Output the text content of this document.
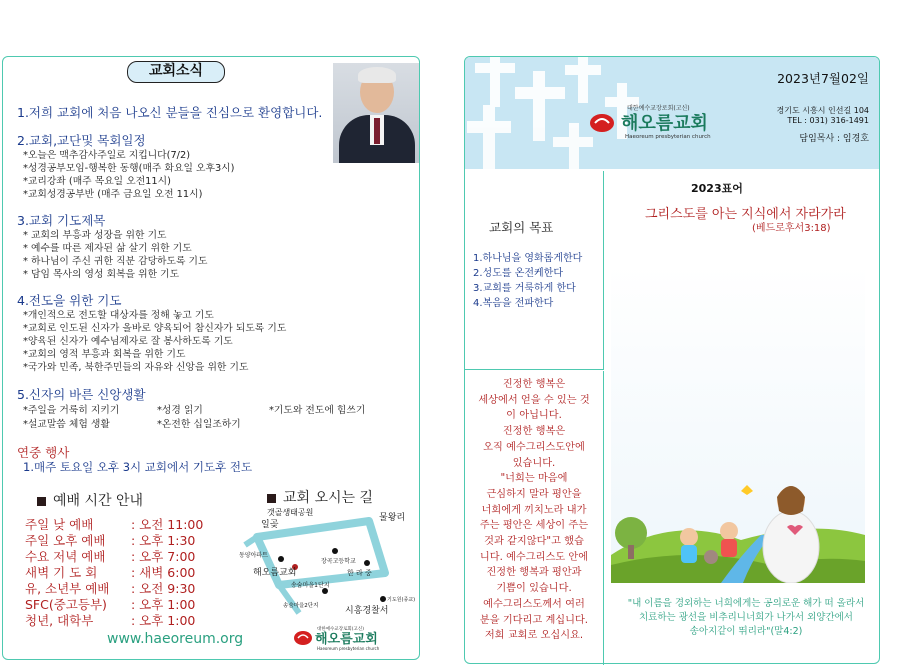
교회소식
1.저희 교회에 처음 나오신 분들을 진심으로 환영합니다.
2.교회,교단및 목회일정
*오늘은 맥추감사주일로 지킵니다(7/2)
*성경공부모임-행복한 동행(매주 화요일 오후3시)
*교리강좌 (매주 목요일 오전11시)
*교회성경공부반 (매주 금요일 오전 11시)
3.교회 기도제목
* 교회의 부흥과 성장을 위한 기도
* 예수를 따른 제자된 삶 살기 위한 기도
* 하나님이 주신 귀한 직분 감당하도록 기도
* 담임 목사의 영성 회복을 위한 기도
4.전도을 위한 기도
*개인적으로 전도할 대상자를 정해 놓고 기도
*교회로 인도된 신자가 올바로 양육되어 참신자가 되도록 기도
*양육된 신자가 예수님제자로 잘 봉사하도록 기도
*교회의 영적 부흥과 회복을 위한 기도
*국가와 민족, 북한주민들의 자유와 신앙을 위한 기도
5.신자의 바른 신앙생활
*주일을 거룩히 지키기	*성경 읽기	*기도와 전도에 힘쓰기
*설교말씀 체험 생활	*온전한 십일조하기
연중 행사
1.매주 토요일 오후 3시 교회에서 기도후 전도
예배 시간 안내
주일 낮 예배	: 오전 11:00
주일 오후 예배 : 오후 1:30
수요 저녁 예배 : 오후 7:00
새벽 기 도 회	: 새벽 6:00
유, 소년부 예배 : 오전 9:30
SFC(중고등부) : 오후 1:00
청년, 대학부	: 오후 1:00
www.haeoreum.org
교회 오시는 길
갯골생태공원
일곶
물왕리
동양아파트
해오름교회
장곡고등학교
한 라 중
송숨마을1단지
송숨마을2단지	시흥경찰서
기도원(종교)
대한예수교장로회(고신)
해오름교회
Haeoreum presbyterian church
대한예수교장로회(고신)
해오름교회
Haeoreum presbyterian church
2023년7월02일
경기도 시흥시 인선길 104
TEL : 031) 316-1491
담임목사 : 임경호
교회의 목표
1.하나님을 영화롭게한다
2.성도를 온전케한다
3.교회를 거룩하게 한다
4.복음을 전파한다
진정한 행복은
세상에서 얻을 수 있는 것
이 아닙니다.
진정한 행복은
오직 예수그리스도안에
있습니다.
"너희는 마음에
근심하지 말라 평안을
너희에게 끼치노라 내가
주는 평안은 세상이 주는
것과 같지않다"고 했습
니다. 예수그리스도 안에
진정한 행복과 평안과
기쁨이 있습니다.
예수그리스도께서 여러
분을 기다리고 계십니다.
저희 교회로 오십시요.
2023표어
그리스도를 아는 지식에서 자라가라
(베드로후서3:18)
"내 이름을 경외하는 너희에게는 공의로운 해가 떠 올라서
치료하는 광선을 비추리니너희가 나가서 외양간에서
송아지같이 뛰리라"(말4:2)
